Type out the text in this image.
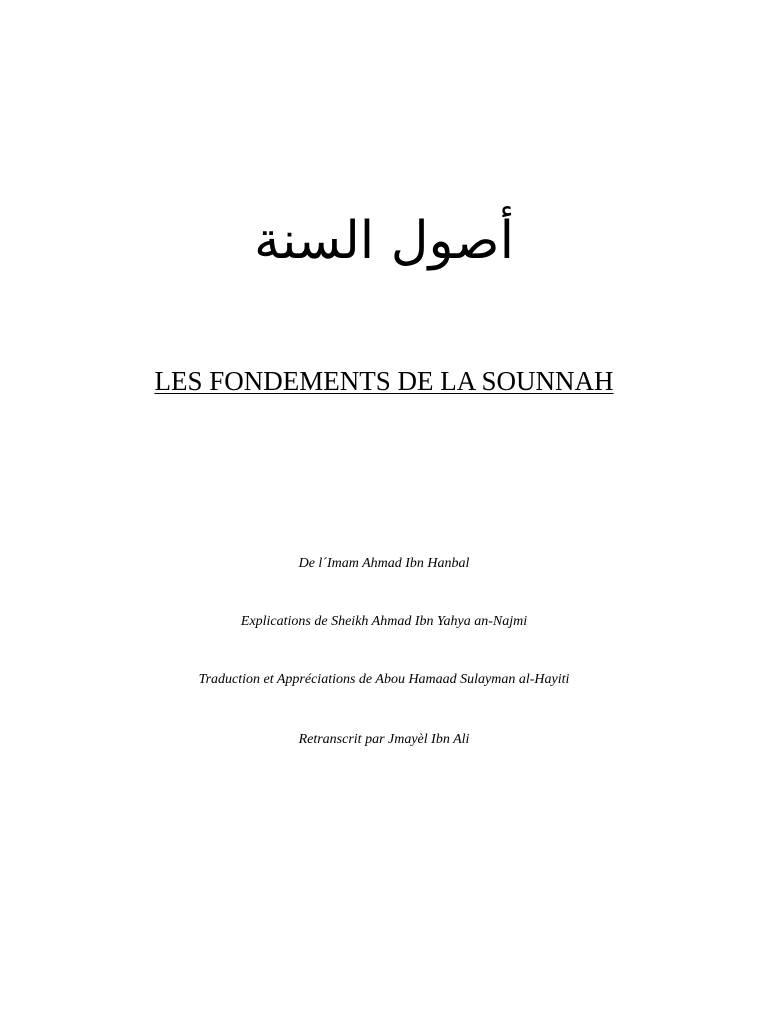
أصول السنة
LES FONDEMENTS DE LA SOUNNAH
De l´Imam Ahmad Ibn Hanbal
Explications de Sheikh Ahmad Ibn Yahya an-Najmi
Traduction et Appréciations de Abou Hamaad Sulayman al-Hayiti
Retranscrit par Jmayèl Ibn Ali
